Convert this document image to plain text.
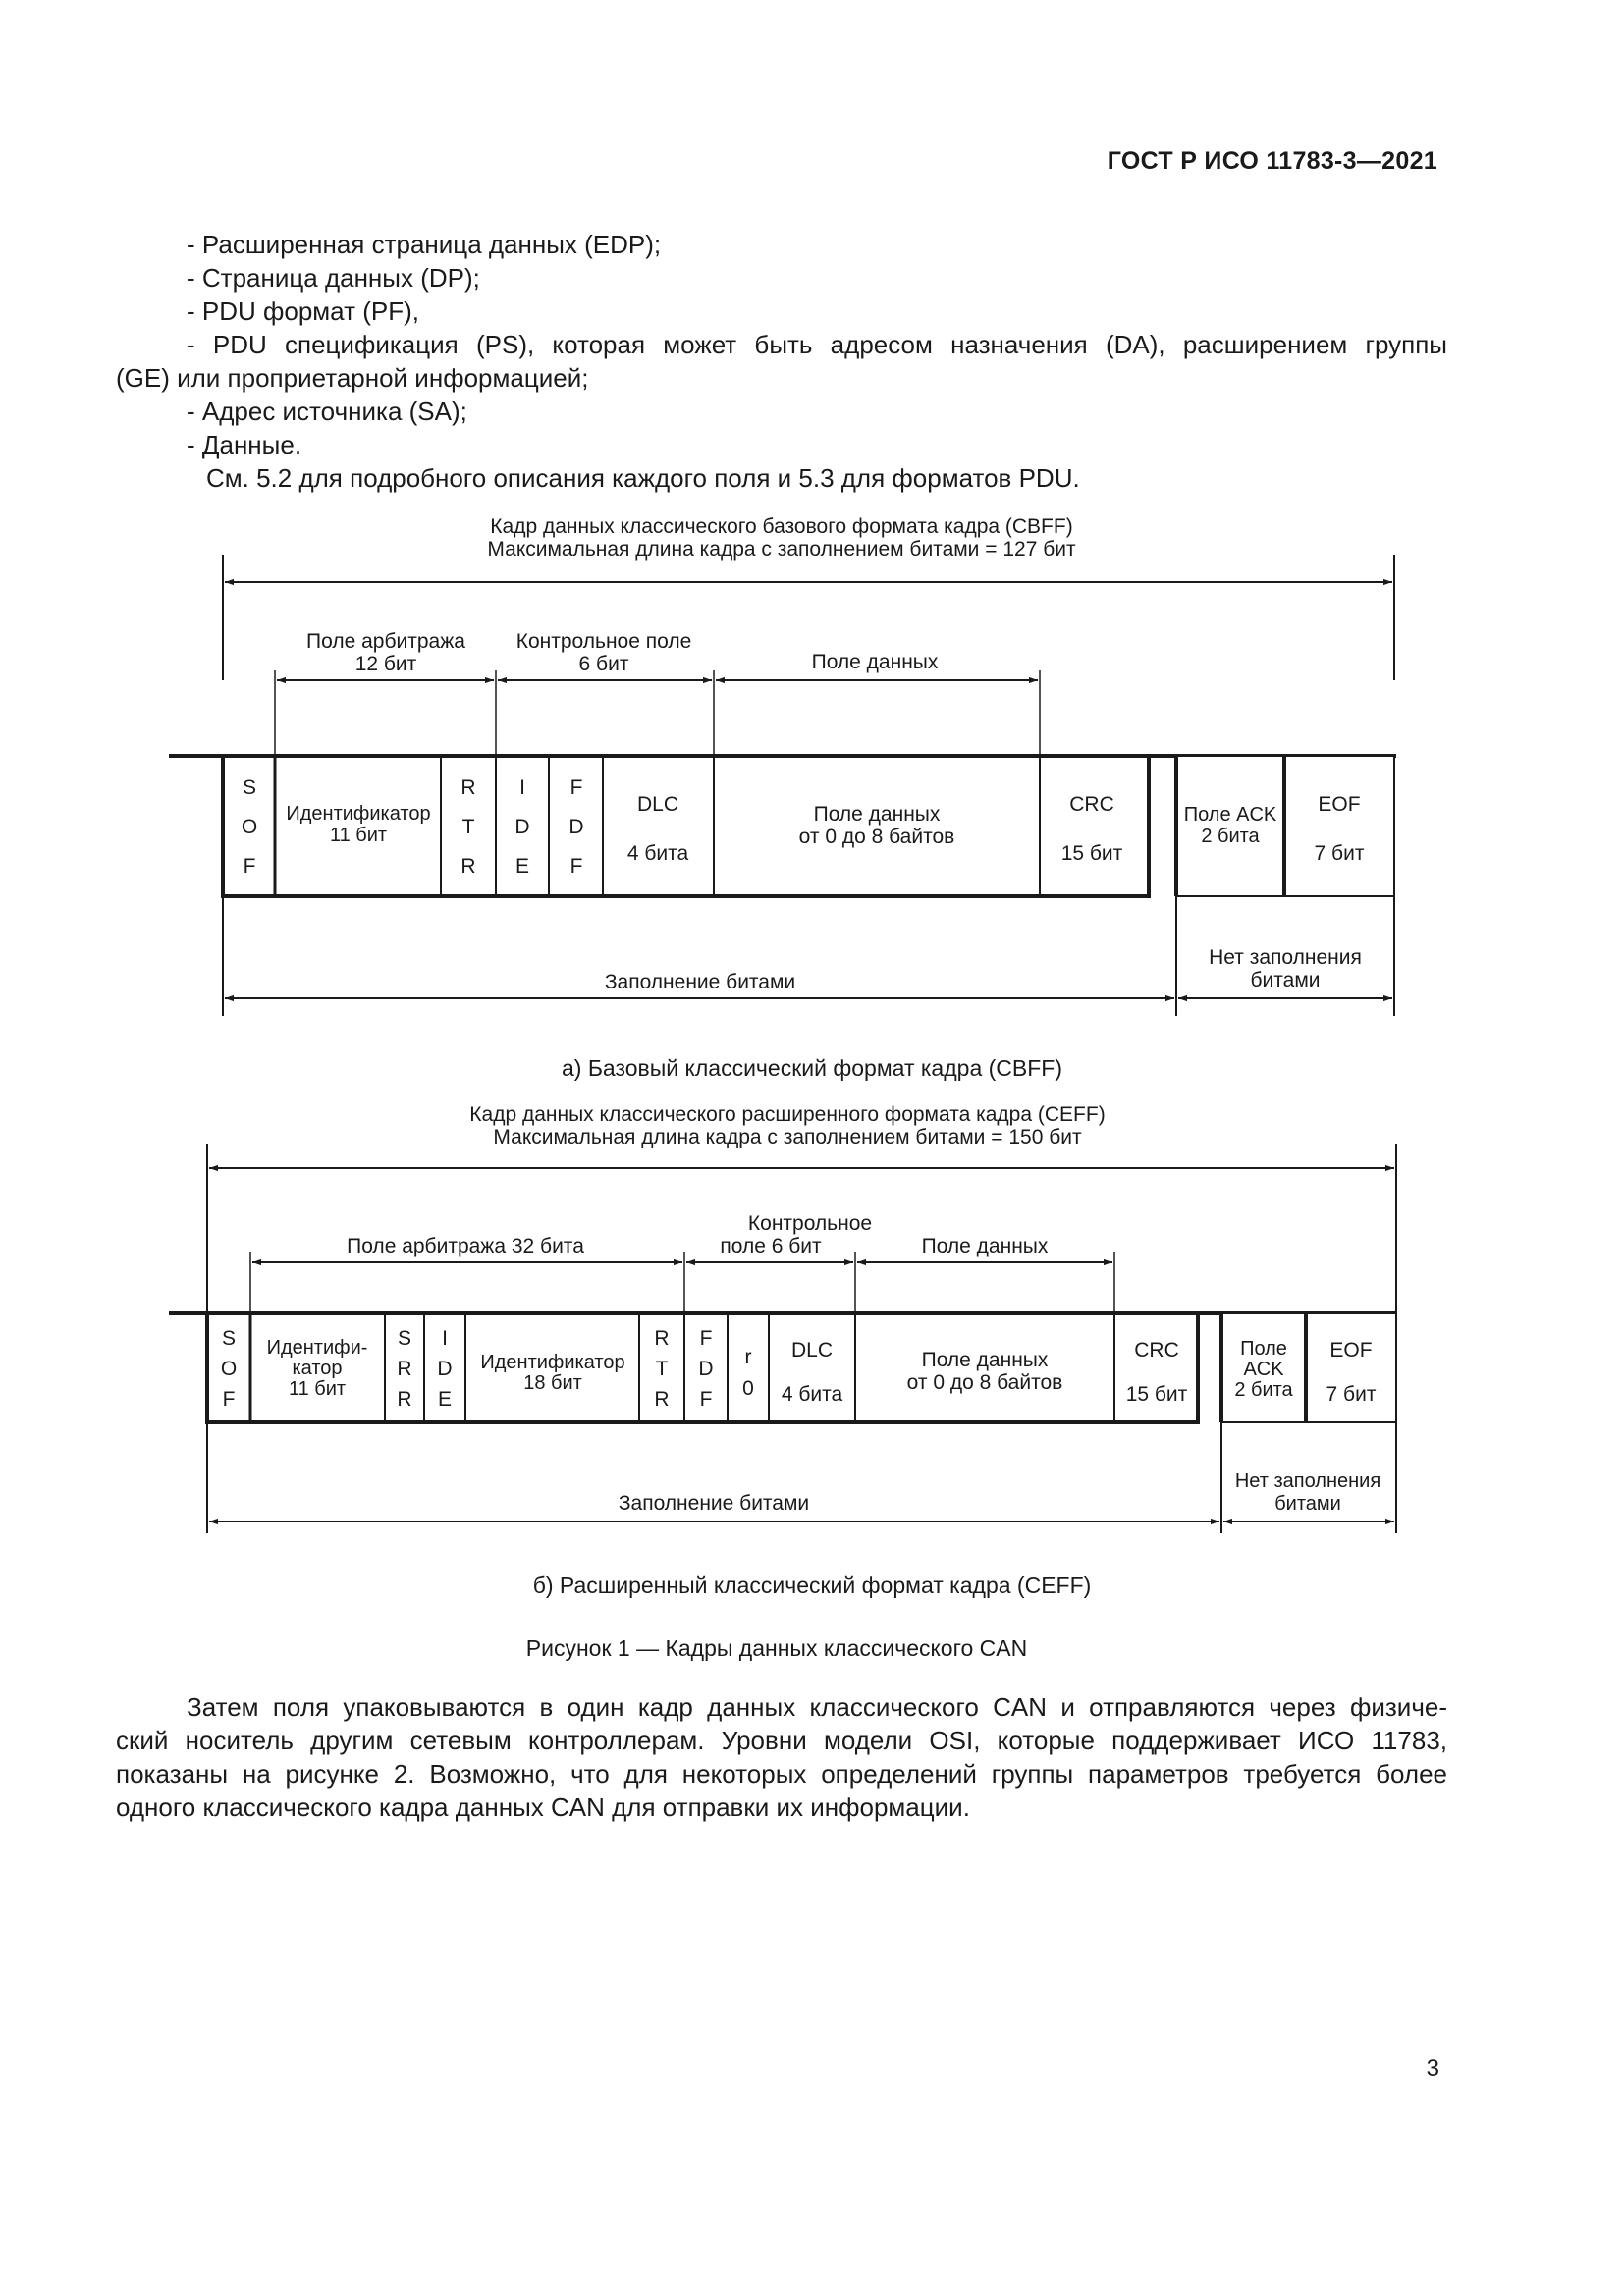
ГОСТ Р ИСО 11783-3—2021
- Расширенная страница данных (EDP);
- Страница данных (DP);
- PDU формат (PF),
- PDU спецификация (PS), которая может быть адресом назначения (DA), расширением группы
(GE) или проприетарной информацией;
- Адрес источника (SA);
- Данные.
См. 5.2 для подробного описания каждого поля и 5.3 для форматов PDU.
Кадр данных классического базового формата кадра (CBFF)
Максимальная длина кадра с заполнением битами = 127 бит
Поле арбитража
12 бит
Контрольное поле
6 бит	Поле данных
S
O
F
Идентификатор
11 бит
R
T
R
I
D
E
F
D
F
DLC
4 бита
Поле данных
от 0 до 8 байтов
CRC
15 бит
Поле ACK
2 бита
EOF
7 бит
Заполнение битами
Нет заполнения
битами
а) Базовый классический формат кадра (CBFF)
Кадр данных классического расширенного формата кадра (CEFF)
Максимальная длина кадра с заполнением битами = 150 бит
Поле арбитража 32 бита
Контрольное
поле 6 бит	Поле данных
S
O
F
Идентифи-
катор
11 бит
S
R
R
I
D
E
Идентификатор
18 бит
R
T
R
F
D
F
r
0
DLC
4 бита
Поле данных
от 0 до 8 байтов
CRC
15 бит
Поле
ACK
2 бита
EOF
7 бит
Заполнение битами
Нет заполнения
битами
б) Расширенный классический формат кадра (CEFF)
Рисунок 1 — Кадры данных классического CAN
Затем поля упаковываются в один кадр данных классического CAN и отправляются через физиче-
ский носитель другим сетевым контроллерам. Уровни модели OSI, которые поддерживает ИСО 11783,
показаны на рисунке 2. Возможно, что для некоторых определений группы параметров требуется более
одного классического кадра данных CAN для отправки их информации.
3
